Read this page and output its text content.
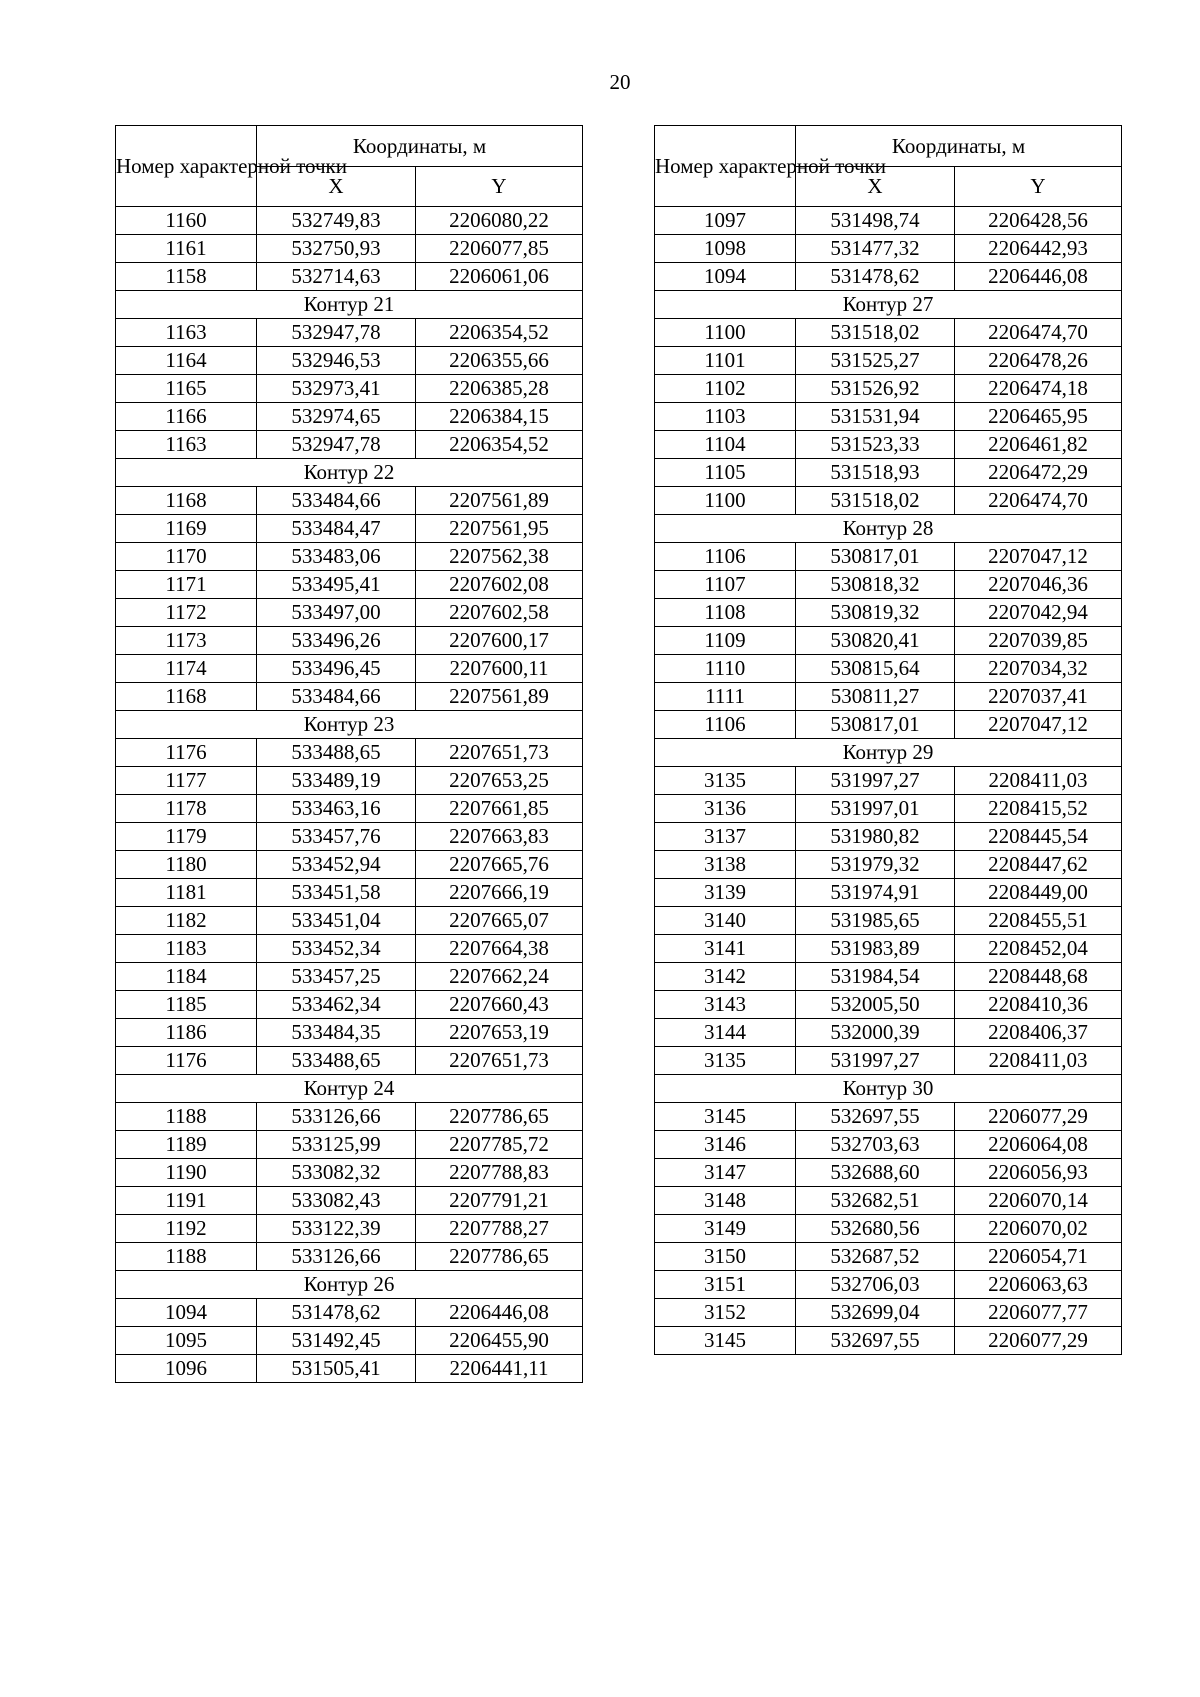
20
Номер характерной точки	Координаты, м	
	X	Y
1160	532749,83	2206080,22
1161	532750,93	2206077,85
1158	532714,63	2206061,06
Контур 21		
1163	532947,78	2206354,52
1164	532946,53	2206355,66
1165	532973,41	2206385,28
1166	532974,65	2206384,15
1163	532947,78	2206354,52
Контур 22		
1168	533484,66	2207561,89
1169	533484,47	2207561,95
1170	533483,06	2207562,38
1171	533495,41	2207602,08
1172	533497,00	2207602,58
1173	533496,26	2207600,17
1174	533496,45	2207600,11
1168	533484,66	2207561,89
Контур 23		
1176	533488,65	2207651,73
1177	533489,19	2207653,25
1178	533463,16	2207661,85
1179	533457,76	2207663,83
1180	533452,94	2207665,76
1181	533451,58	2207666,19
1182	533451,04	2207665,07
1183	533452,34	2207664,38
1184	533457,25	2207662,24
1185	533462,34	2207660,43
1186	533484,35	2207653,19
1176	533488,65	2207651,73
Контур 24		
1188	533126,66	2207786,65
1189	533125,99	2207785,72
1190	533082,32	2207788,83
1191	533082,43	2207791,21
1192	533122,39	2207788,27
1188	533126,66	2207786,65
Контур 26		
1094	531478,62	2206446,08
1095	531492,45	2206455,90
1096	531505,41	2206441,11
Номер характерной точки	Координаты, м	
	X	Y
1097	531498,74	2206428,56
1098	531477,32	2206442,93
1094	531478,62	2206446,08
Контур 27		
1100	531518,02	2206474,70
1101	531525,27	2206478,26
1102	531526,92	2206474,18
1103	531531,94	2206465,95
1104	531523,33	2206461,82
1105	531518,93	2206472,29
1100	531518,02	2206474,70
Контур 28		
1106	530817,01	2207047,12
1107	530818,32	2207046,36
1108	530819,32	2207042,94
1109	530820,41	2207039,85
1110	530815,64	2207034,32
1111	530811,27	2207037,41
1106	530817,01	2207047,12
Контур 29		
3135	531997,27	2208411,03
3136	531997,01	2208415,52
3137	531980,82	2208445,54
3138	531979,32	2208447,62
3139	531974,91	2208449,00
3140	531985,65	2208455,51
3141	531983,89	2208452,04
3142	531984,54	2208448,68
3143	532005,50	2208410,36
3144	532000,39	2208406,37
3135	531997,27	2208411,03
Контур 30		
3145	532697,55	2206077,29
3146	532703,63	2206064,08
3147	532688,60	2206056,93
3148	532682,51	2206070,14
3149	532680,56	2206070,02
3150	532687,52	2206054,71
3151	532706,03	2206063,63
3152	532699,04	2206077,77
3145	532697,55	2206077,29
